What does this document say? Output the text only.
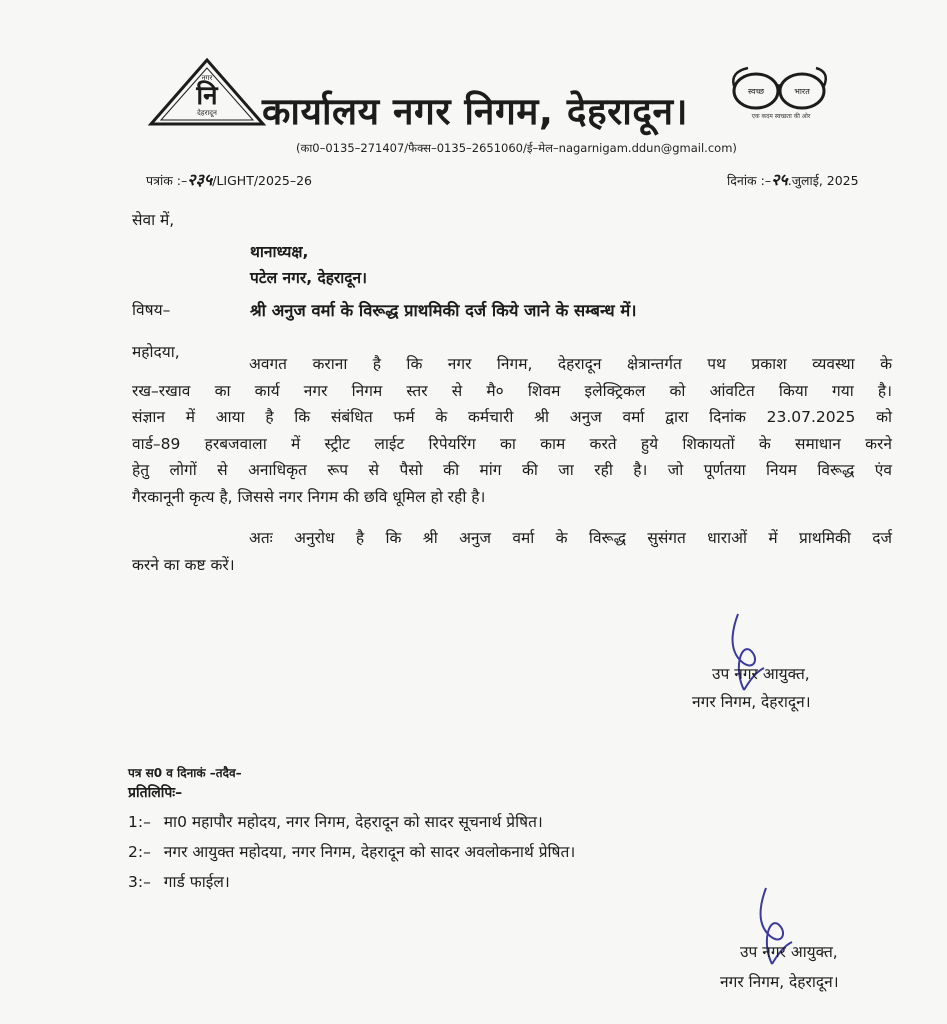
नगर
नि
देहरादून	कार्यालय नगर निगम, देहरादून।	स्वच्छ	भारत
एक कदम स्वच्छता की ओर
(का0–0135–271407/फैक्स–0135–2651060/ई–मेल–nagarnigam.ddun@gmail.com)
पत्रांक :–२३५/LIGHT/2025–26	दिनांक :–२५.जुलाई, 2025
सेवा में,
थानाध्यक्ष,
पटेल नगर, देहरादून।
विषय–	श्री अनुज वर्मा के विरूद्ध प्राथमिकी दर्ज किये जाने के सम्बन्ध में।
महोदया,
अवगत कराना है कि नगर निगम, देहरादून क्षेत्रान्तर्गत पथ प्रकाश व्यवस्था के
रख–रखाव का कार्य नगर निगम स्तर से मै० शिवम इलेक्ट्रिकल को आंवटित किया गया है।
संज्ञान में आया है कि संबंधित फर्म के कर्मचारी श्री अनुज वर्मा द्वारा दिनांक 23.07.2025 को
वार्ड–89 हरबजवाला में स्ट्रीट लाईट रिपेयरिंग का काम करते हुये शिकायतों के समाधान करने
हेतु लोगों से अनाधिकृत रूप से पैसो की मांग की जा रही है। जो पूर्णतया नियम विरूद्ध एंव
गैरकानूनी कृत्य है, जिससे नगर निगम की छवि धूमिल हो रही है।
अतः अनुरोध है कि श्री अनुज वर्मा के विरूद्ध सुसंगत धाराओं में प्राथमिकी दर्ज
करने का कष्ट करें।
उप नगर आयुक्त,
नगर निगम, देहरादून।
पत्र स0 व दिनाकं –तदैव–
प्रतिलिपिः–
1:– मा0 महापौर महोदय, नगर निगम, देहरादून को सादर सूचनार्थ प्रेषित।
2:– नगर आयुक्त महोदया, नगर निगम, देहरादून को सादर अवलोकनार्थ प्रेषित।
3:– गार्ड फाईल।
उप नगर आयुक्त,
नगर निगम, देहरादून।
